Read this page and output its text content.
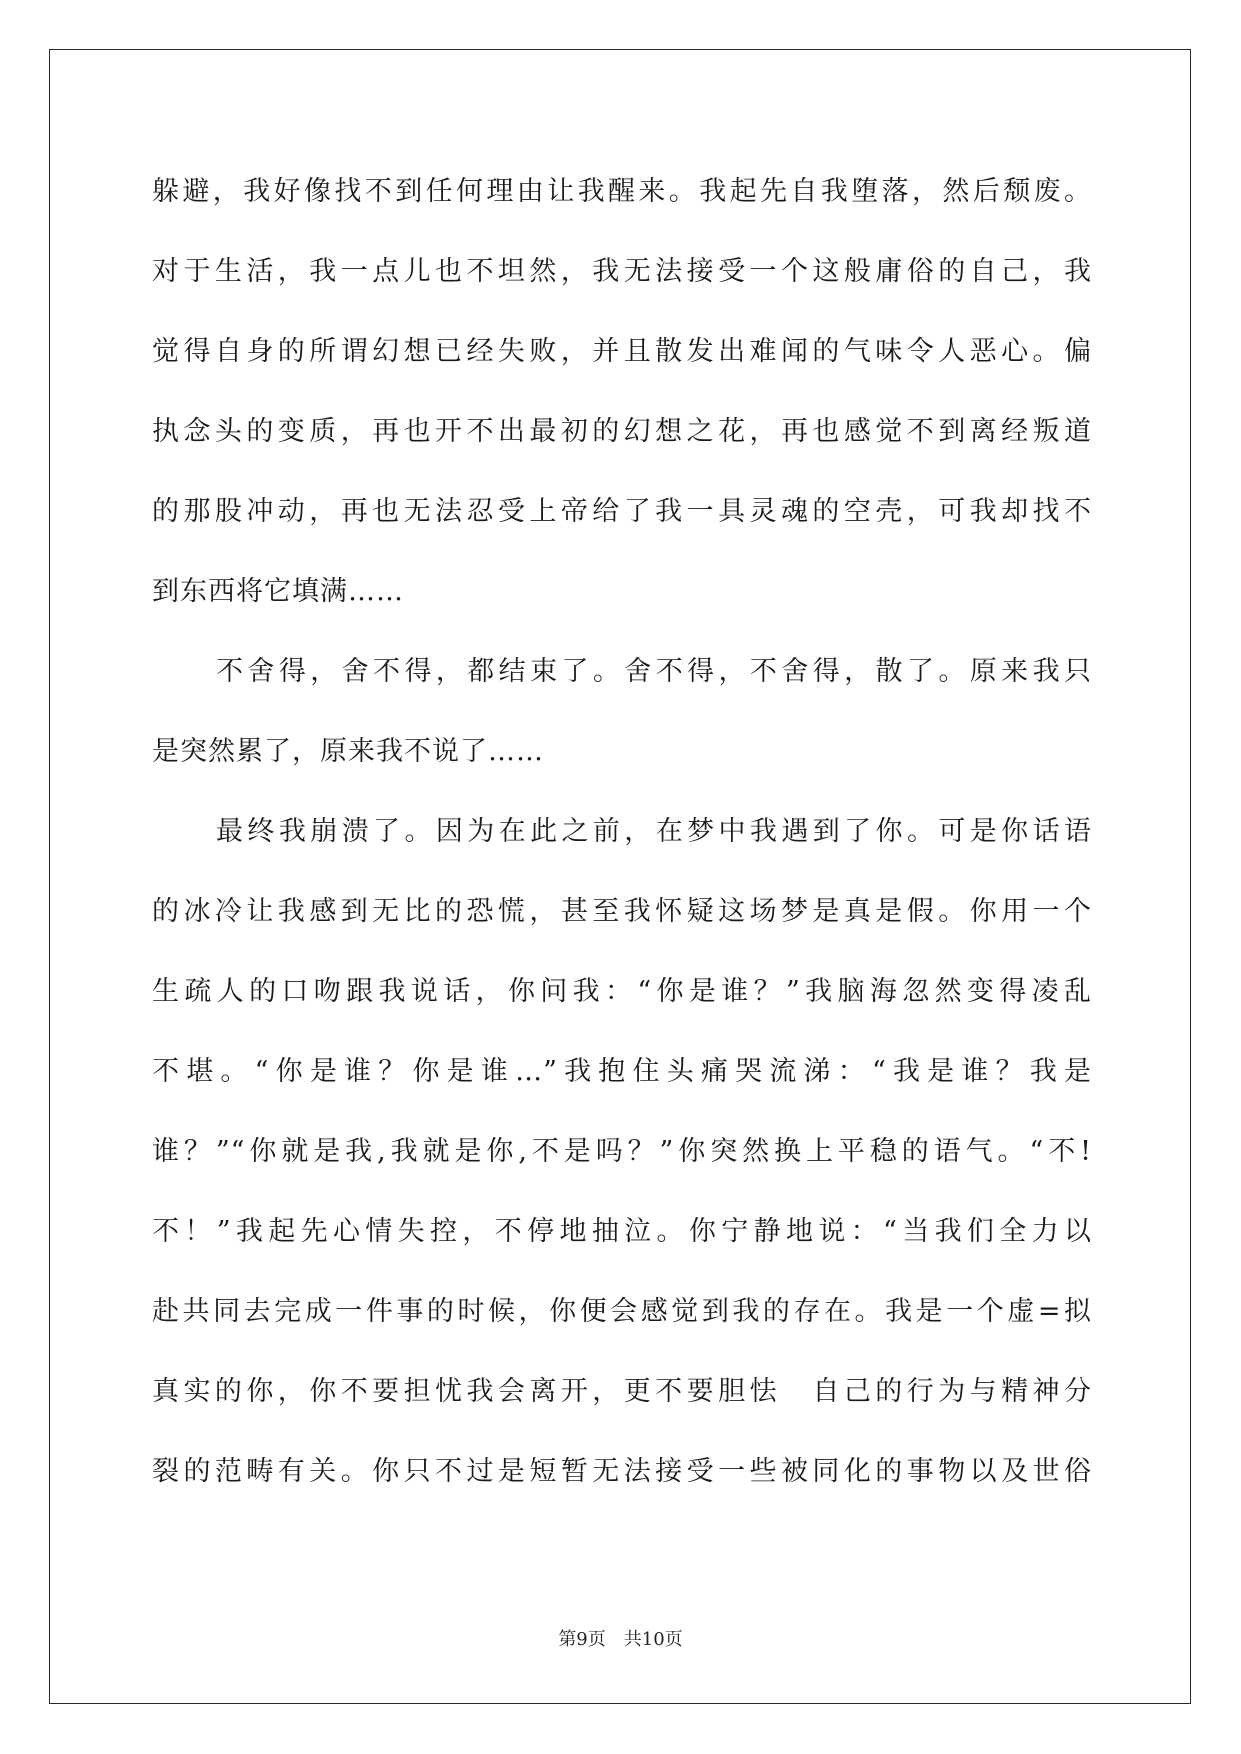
躲避，我好像找不到任何理由让我醒来。我起先自我堕落，然后颓废。
对于生活，我一点儿也不坦然，我无法接受一个这般庸俗的自己，我
觉得自身的所谓幻想已经失败，并且散发出难闻的气味令人恶心。偏
执念头的变质，再也开不出最初的幻想之花，再也感觉不到离经叛道
的那股冲动，再也无法忍受上帝给了我一具灵魂的空壳，可我却找不
到东西将它填满……
不舍得，舍不得，都结束了。舍不得，不舍得，散了。原来我只
是突然累了，原来我不说了……
最终我崩溃了。因为在此之前，在梦中我遇到了你。可是你话语
的冰冷让我感到无比的恐慌，甚至我怀疑这场梦是真是假。你用一个
生疏人的口吻跟我说话，你问我：“你是谁？”我脑海忽然变得凌乱
不堪。“你是谁？你是谁…”我抱住头痛哭流涕：“我是谁？我是
谁？”“你就是我,我就是你,不是吗？”你突然换上平稳的语气。“不!
不！”我起先心情失控，不停地抽泣。你宁静地说：“当我们全力以
赴共同去完成一件事的时候，你便会感觉到我的存在。我是一个虚=拟
真实的你，你不要担忧我会离开，更不要胆怯　自己的行为与精神分
裂的范畴有关。你只不过是短暂无法接受一些被同化的事物以及世俗
第9页　共10页
